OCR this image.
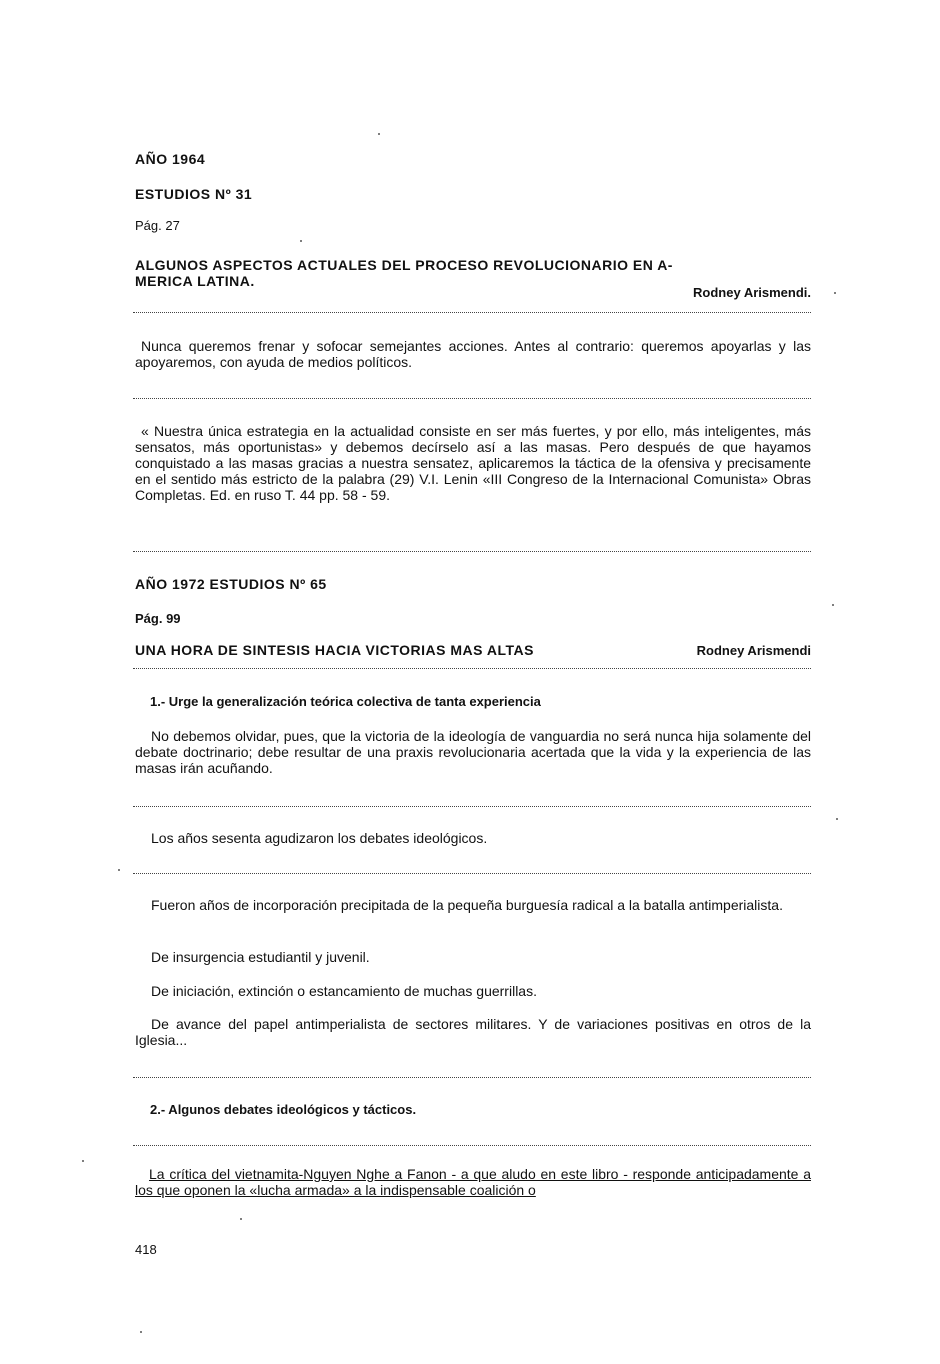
AÑO 1964
ESTUDIOS Nº 31
Pág. 27
ALGUNOS ASPECTOS ACTUALES DEL PROCESO REVOLUCIONARIO EN A-
MERICA LATINA.
Rodney Arismendi.
Nunca queremos frenar y sofocar semejantes acciones. Antes al contrario: queremos apoyarlas y las apoyaremos, con ayuda de medios políticos.
« Nuestra única estrategia en la actualidad consiste en ser más fuertes, y por ello, más inteligentes, más sensatos, más oportunistas» y debemos decírselo así a las masas. Pero después de que hayamos conquistado a las masas gracias a nuestra sensatez, aplicaremos la táctica de la ofensiva y precisamente en el sentido más estricto de la palabra (29) V.I. Lenin «III Congreso de la Internacional Comunista» Obras Completas. Ed. en ruso T. 44 pp. 58 - 59.
AÑO 1972 ESTUDIOS Nº 65
Pág. 99
UNA HORA DE SINTESIS HACIA VICTORIAS MAS ALTAS	Rodney Arismendi
1.- Urge la generalización teórica colectiva de tanta experiencia
No debemos olvidar, pues, que la victoria de la ideología de vanguardia no será nunca hija solamente del debate doctrinario; debe resultar de una praxis revolucionaria acertada que la vida y la experiencia de las masas irán acuñando.
Los años sesenta agudizaron los debates ideológicos.
Fueron años de incorporación precipitada de la pequeña burguesía radical a la batalla antimperialista.
De insurgencia estudiantil y juvenil.
De iniciación, extinción o estancamiento de muchas guerrillas.
De avance del papel antimperialista de sectores militares. Y de variaciones positivas en otros de la Iglesia...
2.- Algunos debates ideológicos y tácticos.
La crítica del vietnamita-Nguyen Nghe a Fanon - a que aludo en este libro - responde anticipadamente a los que oponen la «lucha armada» a la indispensable coalición o
418
